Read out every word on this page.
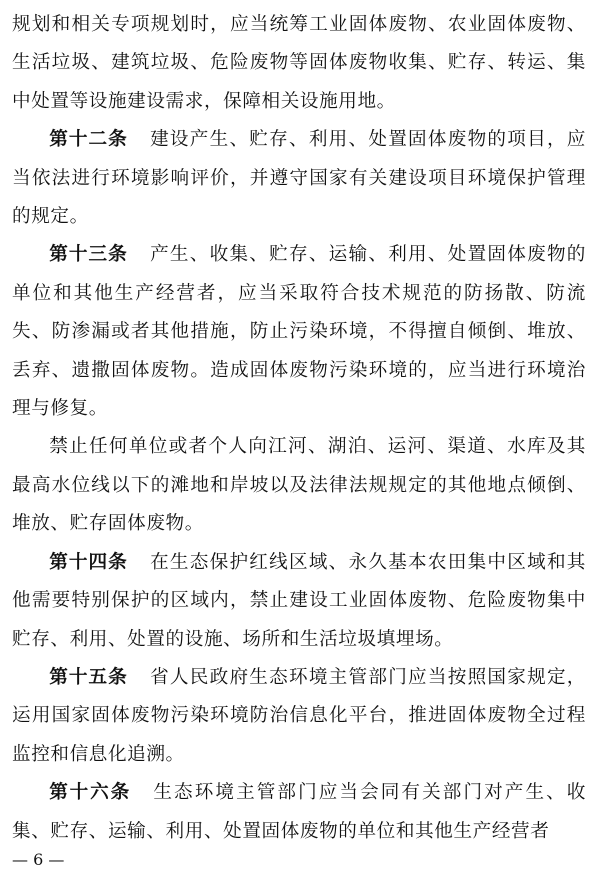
规划和相关专项规划时，应当统筹工业固体废物、农业固体废物、生活垃圾、建筑垃圾、危险废物等固体废物收集、贮存、转运、集中处置等设施建设需求，保障相关设施用地。

第十二条 建设产生、贮存、利用、处置固体废物的项目，应当依法进行环境影响评价，并遵守国家有关建设项目环境保护管理的规定。

第十三条 产生、收集、贮存、运输、利用、处置固体废物的单位和其他生产经营者，应当采取符合技术规范的防扬散、防流失、防渗漏或者其他措施，防止污染环境，不得擅自倾倒、堆放、丢弃、遗撒固体废物。造成固体废物污染环境的，应当进行环境治理与修复。

禁止任何单位或者个人向江河、湖泊、运河、渠道、水库及其最高水位线以下的滩地和岸坡以及法律法规规定的其他地点倾倒、堆放、贮存固体废物。

第十四条 在生态保护红线区域、永久基本农田集中区域和其他需要特别保护的区域内，禁止建设工业固体废物、危险废物集中贮存、利用、处置的设施、场所和生活垃圾填埋场。

第十五条 省人民政府生态环境主管部门应当按照国家规定，运用国家固体废物污染环境防治信息化平台，推进固体废物全过程监控和信息化追溯。

第十六条 生态环境主管部门应当会同有关部门对产生、收集、贮存、运输、利用、处置固体废物的单位和其他生产经营者

— 6 —
